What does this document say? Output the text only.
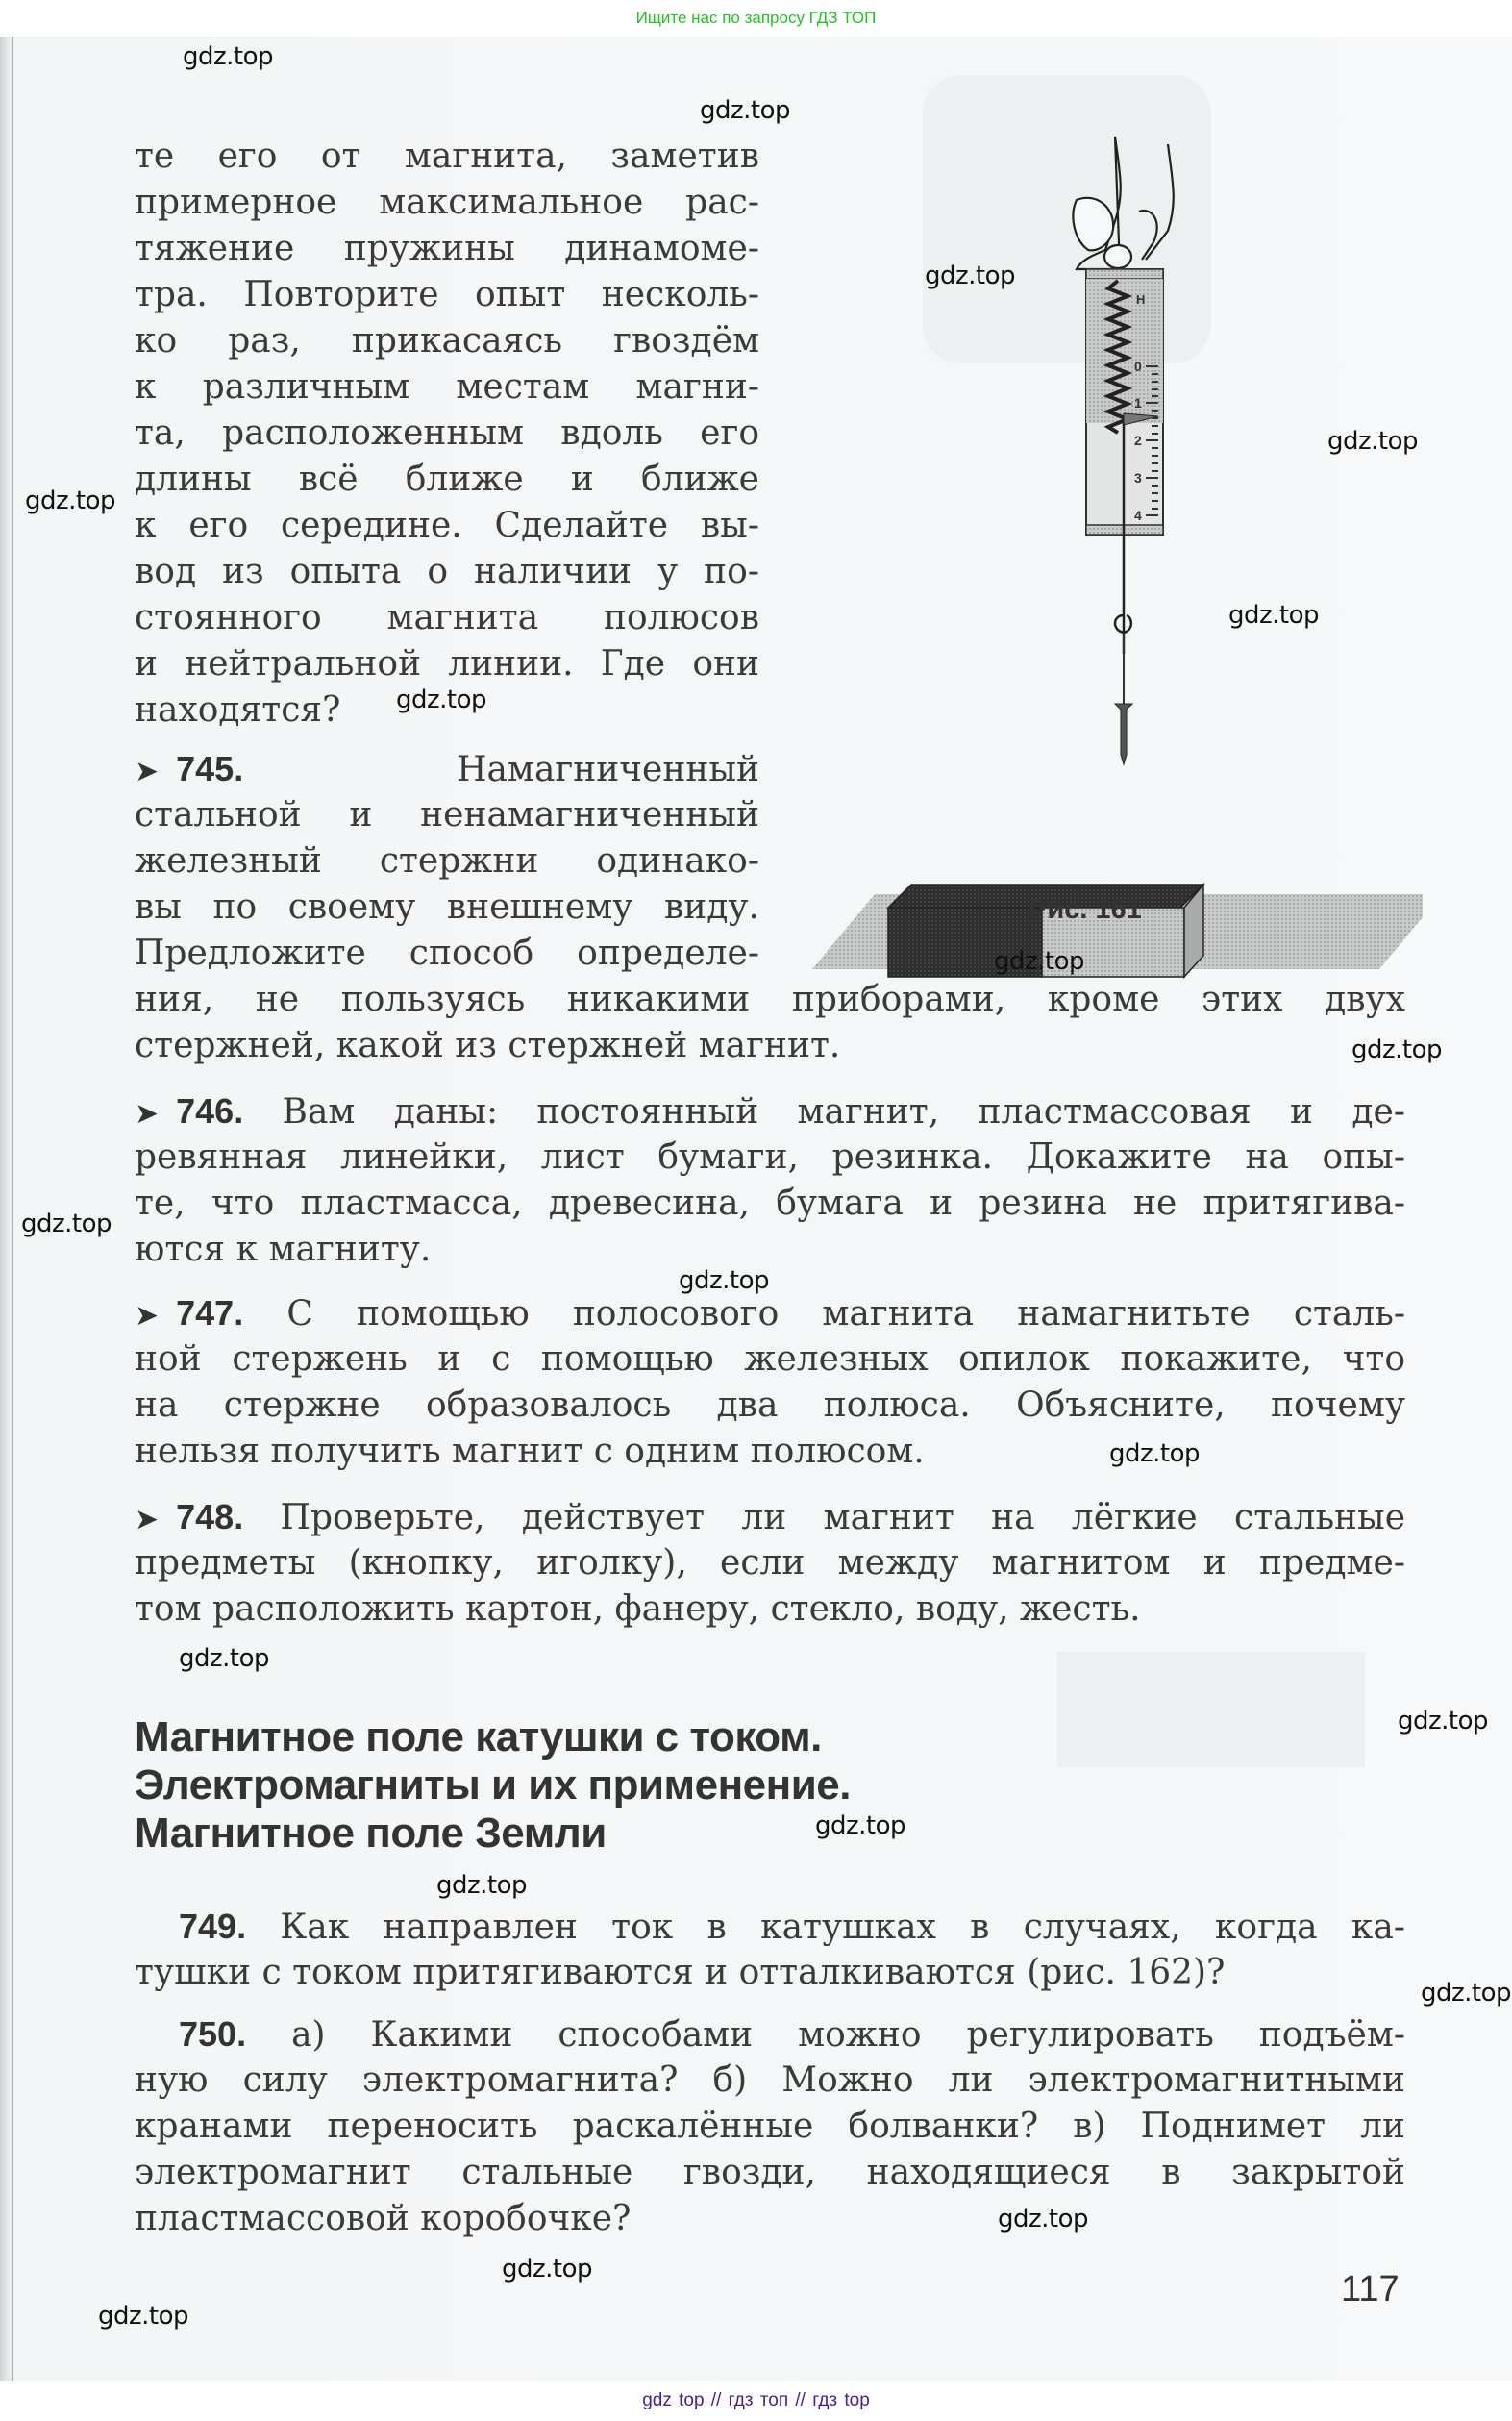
Ищите нас по запросу ГДЗ ТОП
те его от магнита, заметив
примерное максимальное рас-
тяжение пружины динамоме-
тра. Повторите опыт несколь-
ко раз, прикасаясь гвоздём
к различным местам магни-
та, расположенным вдоль его
длины всё ближе и ближе
к его середине. Сделайте вы-
вод из опыта о наличии у по-
стоянного магнита полюсов
и нейтральной линии. Где они
находятся?
➤ 745.	Намагниченный
стальной и ненамагниченный
железный стержни одинако-
вы по своему внешнему виду.
Предложите способ определе-
ния, не пользуясь никакими приборами, кроме этих двух
стержней, какой из стержней магнит.
➤ 746. Вам даны: постоянный магнит, пластмассовая и де-
ревянная линейки, лист бумаги, резинка. Докажите на опы-
те, что пластмасса, древесина, бумага и резина не притягива-
ются к магниту.
➤ 747. С помощью полосового магнита намагнитьте сталь-
ной стержень и с помощью железных опилок покажите, что
на стержне образовалось два полюса. Объясните, почему
нельзя получить магнит с одним полюсом.
➤ 748. Проверьте, действует ли магнит на лёгкие стальные
предметы (кнопку, иголку), если между магнитом и предме-
том расположить картон, фанеру, стекло, воду, жесть.
Магнитное поле катушки с током.
Электромагниты и их применение.
Магнитное поле Земли
749. Как направлен ток в катушках в случаях, когда ка-
тушки с током притягиваются и отталкиваются (рис. 162)?
750. а) Какими способами можно регулировать подъём-
ную силу электромагнита? б) Можно ли электромагнитными
кранами переносить раскалённые болванки? в) Поднимет ли
электромагнит стальные гвозди, находящиеся в закрытой
пластмассовой коробочке?
Н
0
1
2
3
4
Рис. 161
117
gdz.top
gdz.top
gdz.top
gdz.top
gdz.top
gdz.top
gdz.top
gdz.top
gdz.top
gdz.top
gdz.top
gdz.top
gdz.top
gdz.top
gdz.top
gdz.top
gdz.top
gdz.top
gdz.top
gdz.top
gdz top // гдз топ // гдз top
